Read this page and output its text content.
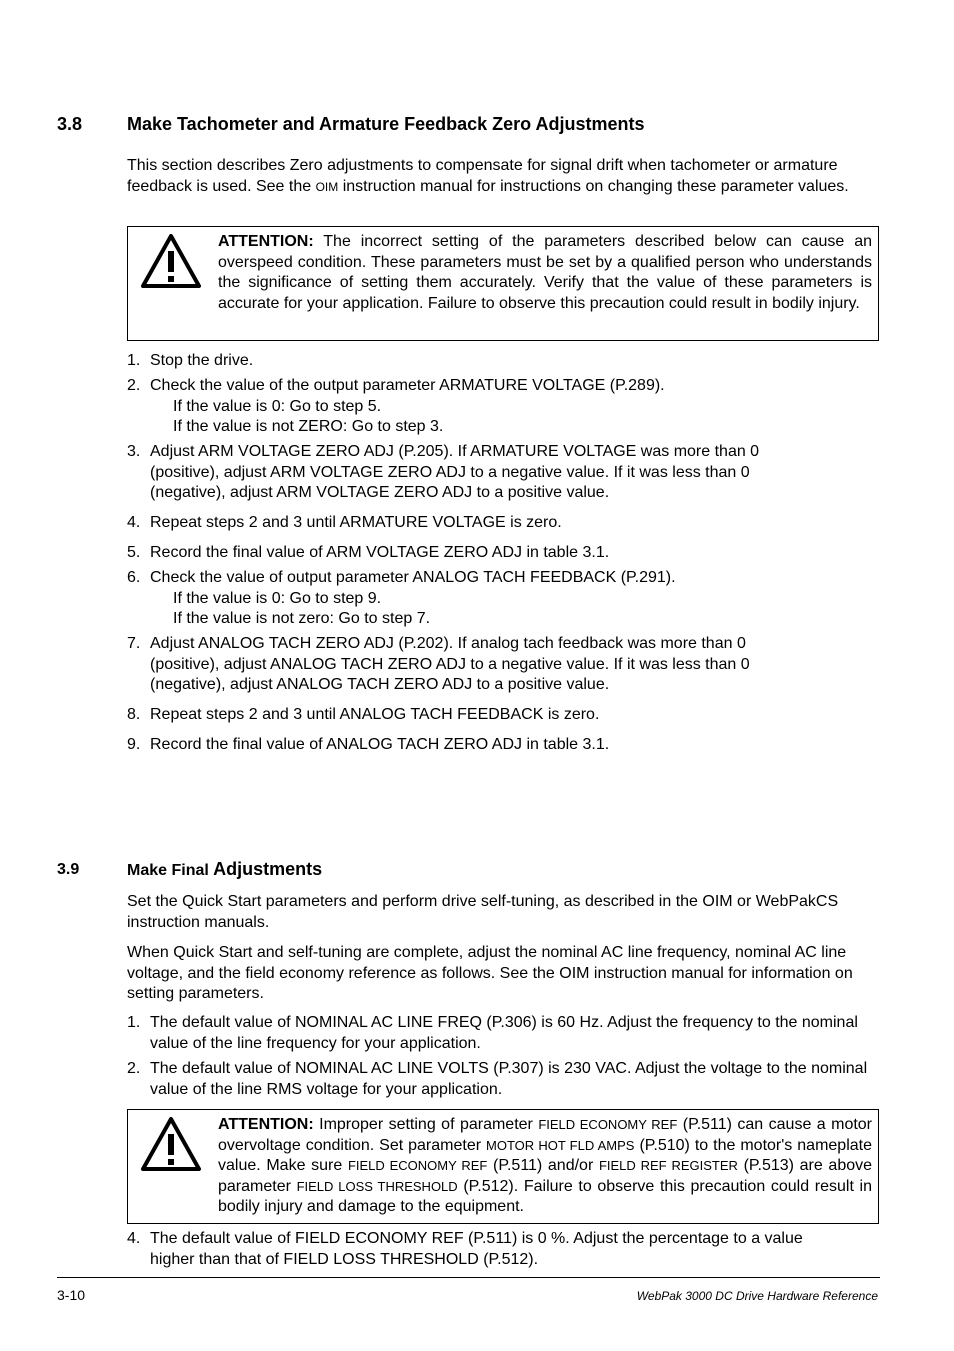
3.8 Make Tachometer and Armature Feedback Zero Adjustments
This section describes Zero adjustments to compensate for signal drift when tachometer or armature feedback is used. See the OIM instruction manual for instructions on changing these parameter values.
ATTENTION: The incorrect setting of the parameters described below can cause an overspeed condition. These parameters must be set by a qualified person who understands the significance of setting them accurately. Verify that the value of these parameters is accurate for your application. Failure to observe this precaution could result in bodily injury.
1. Stop the drive.
2. Check the value of the output parameter ARMATURE VOLTAGE (P.289).
If the value is 0: Go to step 5.
If the value is not ZERO: Go to step 3.
3. Adjust ARM VOLTAGE ZERO ADJ (P.205). If ARMATURE VOLTAGE was more than 0 (positive), adjust ARM VOLTAGE ZERO ADJ to a negative value. If it was less than 0 (negative), adjust ARM VOLTAGE ZERO ADJ to a positive value.
4. Repeat steps 2 and 3 until ARMATURE VOLTAGE is zero.
5. Record the final value of ARM VOLTAGE ZERO ADJ in table 3.1.
6. Check the value of output parameter ANALOG TACH FEEDBACK (P.291).
If the value is 0: Go to step 9.
If the value is not zero: Go to step 7.
7. Adjust ANALOG TACH ZERO ADJ (P.202). If analog tach feedback was more than 0 (positive), adjust ANALOG TACH ZERO ADJ to a negative value. If it was less than 0 (negative), adjust ANALOG TACH ZERO ADJ to a positive value.
8. Repeat steps 2 and 3 until ANALOG TACH FEEDBACK is zero.
9. Record the final value of ANALOG TACH ZERO ADJ in table 3.1.
3.9	Make Final Adjustments
Set the Quick Start parameters and perform drive self-tuning, as described in the OIM or WebPakCS instruction manuals.
When Quick Start and self-tuning are complete, adjust the nominal AC line frequency, nominal AC line voltage, and the field economy reference as follows. See the OIM instruction manual for information on setting parameters.
1. The default value of NOMINAL AC LINE FREQ (P.306) is 60 Hz. Adjust the frequency to the nominal value of the line frequency for your application.
2. The default value of NOMINAL AC LINE VOLTS (P.307) is 230 VAC. Adjust the voltage to the nominal value of the line RMS voltage for your application.
ATTENTION: Improper setting of parameter FIELD ECONOMY REF (P.511) can cause a motor overvoltage condition. Set parameter MOTOR HOT FLD AMPS (P.510) to the motor's nameplate value. Make sure FIELD ECONOMY REF (P.511) and/or FIELD REF REGISTER (P.513) are above parameter FIELD LOSS THRESHOLD (P.512). Failure to observe this precaution could result in bodily injury and damage to the equipment.
4. The default value of FIELD ECONOMY REF (P.511) is 0 %. Adjust the percentage to a value higher than that of FIELD LOSS THRESHOLD (P.512).
3-10	WebPak 3000 DC Drive Hardware Reference
